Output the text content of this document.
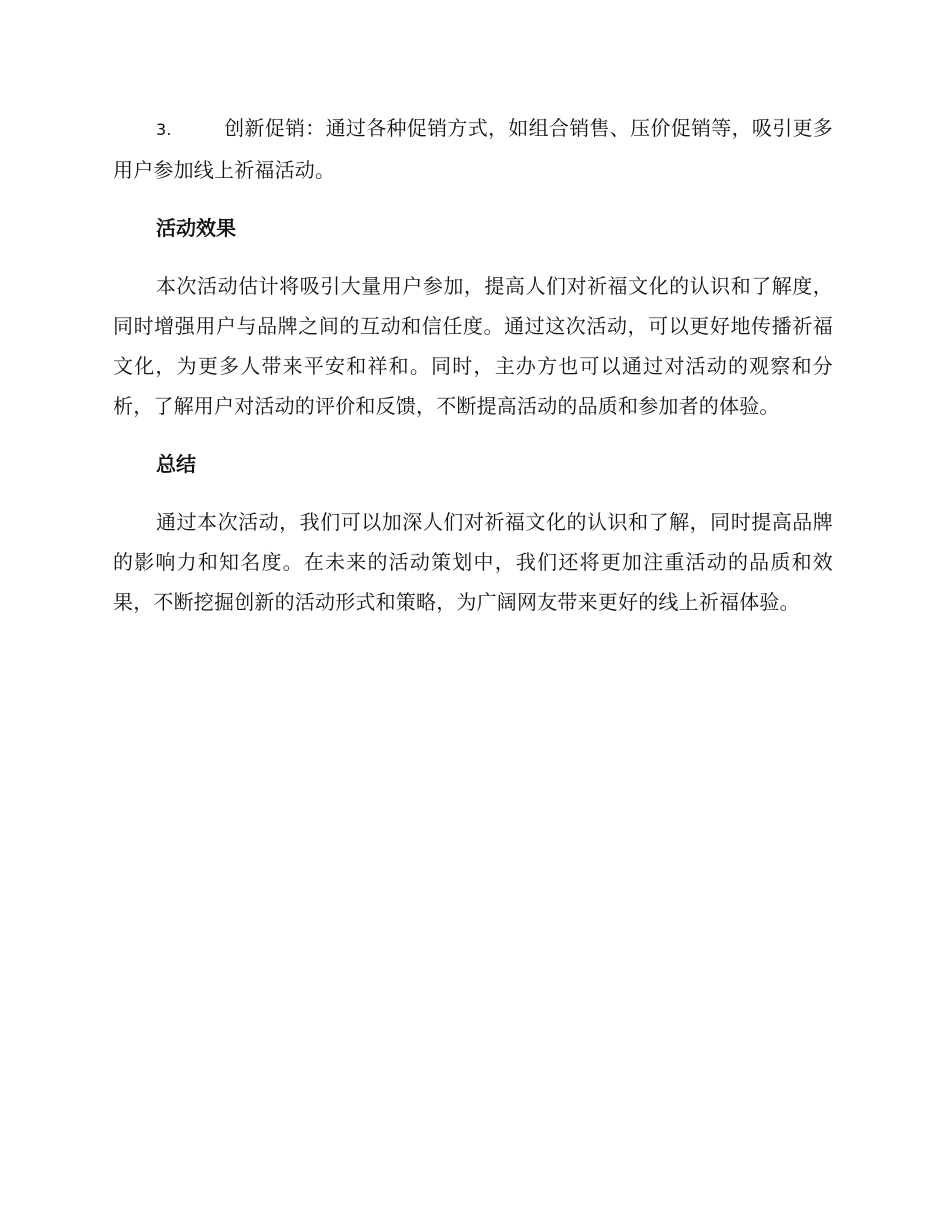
3.	创新促销：通过各种促销方式，如组合销售、压价促销等，吸引更多用户参加线上祈福活动。

活动效果

本次活动估计将吸引大量用户参加，提高人们对祈福文化的认识和了解度，同时增强用户与品牌之间的互动和信任度。通过这次活动，可以更好地传播祈福文化，为更多人带来平安和祥和。同时，主办方也可以通过对活动的观察和分析，了解用户对活动的评价和反馈，不断提高活动的品质和参加者的体验。

总结

通过本次活动，我们可以加深人们对祈福文化的认识和了解，同时提高品牌的影响力和知名度。在未来的活动策划中，我们还将更加注重活动的品质和效果，不断挖掘创新的活动形式和策略，为广阔网友带来更好的线上祈福体验。
